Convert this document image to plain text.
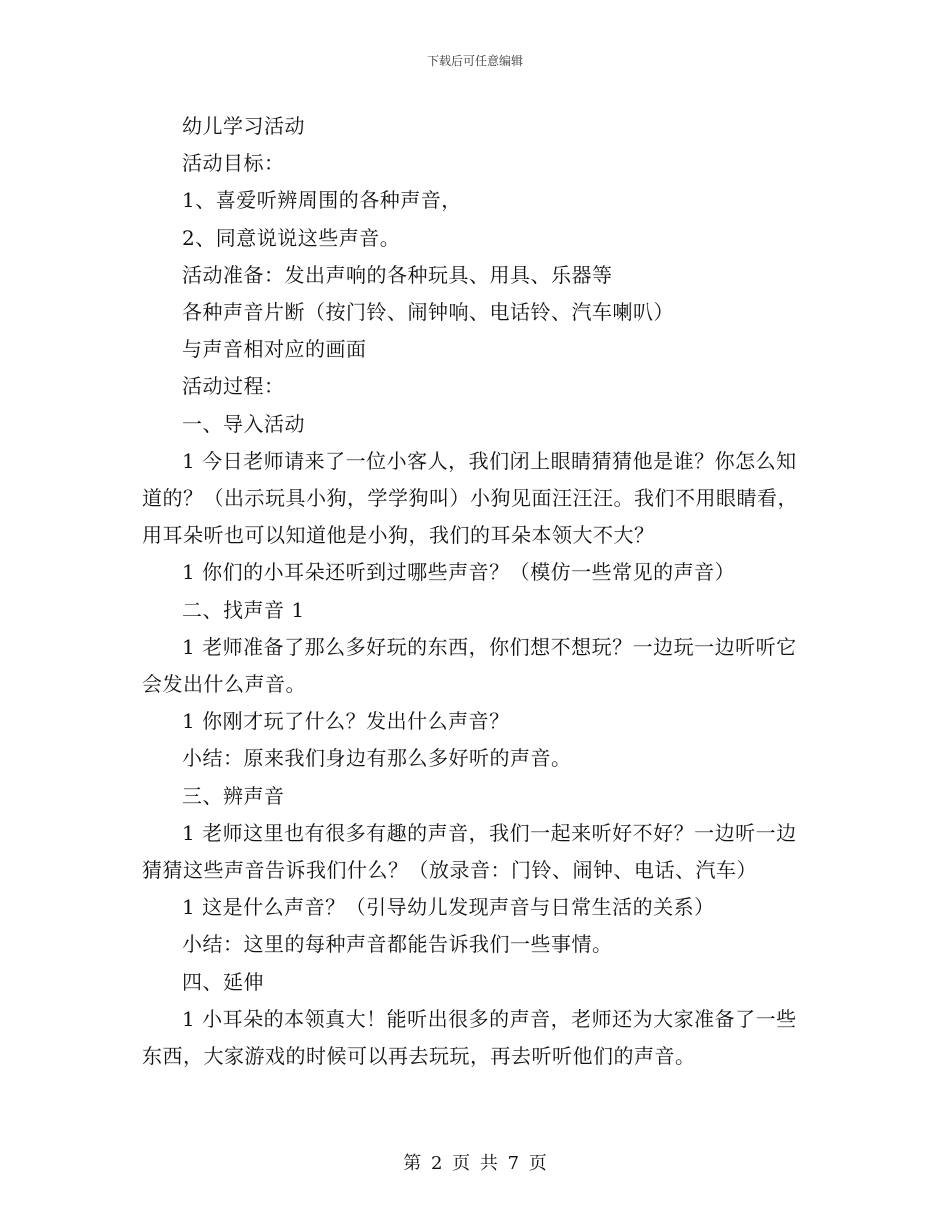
下载后可任意编辑

幼儿学习活动

活动目标：

1、喜爱听辨周围的各种声音，

2、同意说说这些声音。

活动准备：发出声响的各种玩具、用具、乐器等

各种声音片断（按门铃、闹钟响、电话铃、汽车喇叭）

与声音相对应的画面

活动过程：

一、导入活动

1 今日老师请来了一位小客人，我们闭上眼睛猜猜他是谁？你怎么知道的？（出示玩具小狗，学学狗叫）小狗见面汪汪汪。我们不用眼睛看，用耳朵听也可以知道他是小狗，我们的耳朵本领大不大？

1 你们的小耳朵还听到过哪些声音？（模仿一些常见的声音）

二、找声音 1

1 老师准备了那么多好玩的东西，你们想不想玩？一边玩一边听听它会发出什么声音。

1 你刚才玩了什么？发出什么声音？

小结：原来我们身边有那么多好听的声音。

三、辨声音

1 老师这里也有很多有趣的声音，我们一起来听好不好？一边听一边猜猜这些声音告诉我们什么？（放录音：门铃、闹钟、电话、汽车）

1 这是什么声音？（引导幼儿发现声音与日常生活的关系）

小结：这里的每种声音都能告诉我们一些事情。

四、延伸

1 小耳朵的本领真大！能听出很多的声音，老师还为大家准备了一些东西，大家游戏的时候可以再去玩玩，再去听听他们的声音。

第 2 页 共 7 页
